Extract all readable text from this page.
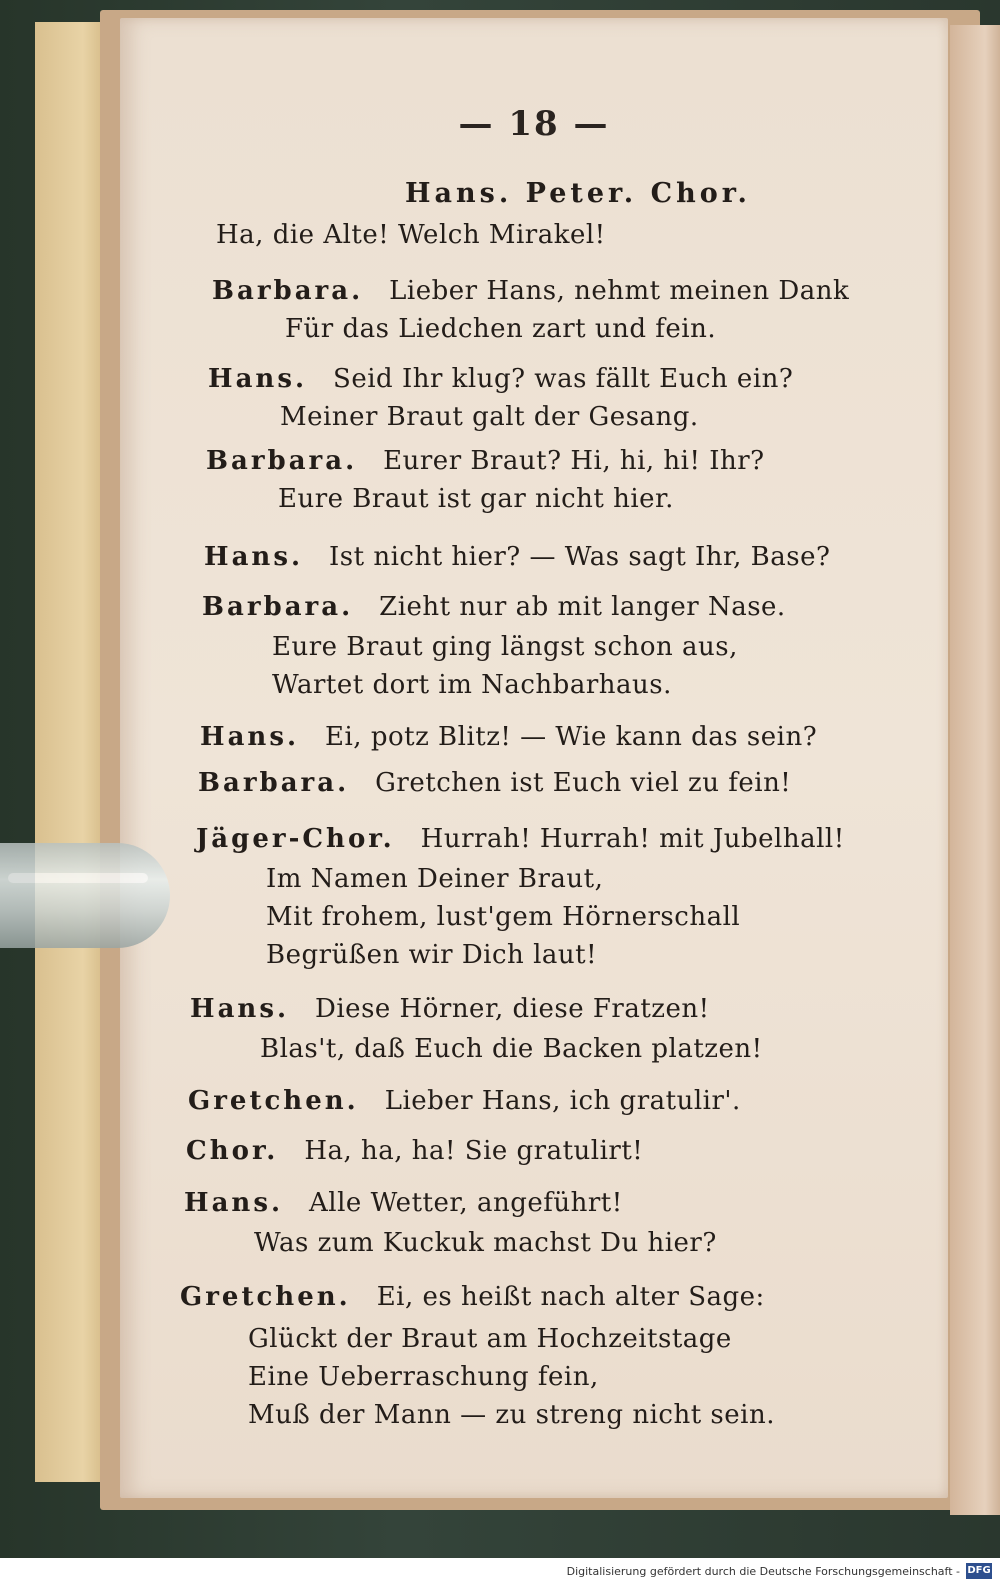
— 18 —
Hans. Peter. Chor.
Ha, die Alte! Welch Mirakel!
Barbara. Lieber Hans, nehmt meinen Dank
Für das Liedchen zart und fein.
Hans. Seid Ihr klug? was fällt Euch ein?
Meiner Braut galt der Gesang.
Barbara. Eurer Braut? Hi, hi, hi! Ihr?
Eure Braut ist gar nicht hier.
Hans. Ist nicht hier? — Was sagt Ihr, Base?
Barbara. Zieht nur ab mit langer Nase.
Eure Braut ging längst schon aus,
Wartet dort im Nachbarhaus.
Hans. Ei, potz Blitz! — Wie kann das sein?
Barbara. Gretchen ist Euch viel zu fein!
Jäger-Chor. Hurrah! Hurrah! mit Jubelhall!
Im Namen Deiner Braut,
Mit frohem, lust'gem Hörnerschall
Begrüßen wir Dich laut!
Hans. Diese Hörner, diese Fratzen!
Blas't, daß Euch die Backen platzen!
Gretchen. Lieber Hans, ich gratulir'.
Chor. Ha, ha, ha! Sie gratulirt!
Hans. Alle Wetter, angeführt!
Was zum Kuckuk machst Du hier?
Gretchen. Ei, es heißt nach alter Sage:
Glückt der Braut am Hochzeitstage
Eine Ueberraschung fein,
Muß der Mann — zu streng nicht sein.
Digitalisierung gefördert durch die Deutsche Forschungsgemeinschaft - DFG
